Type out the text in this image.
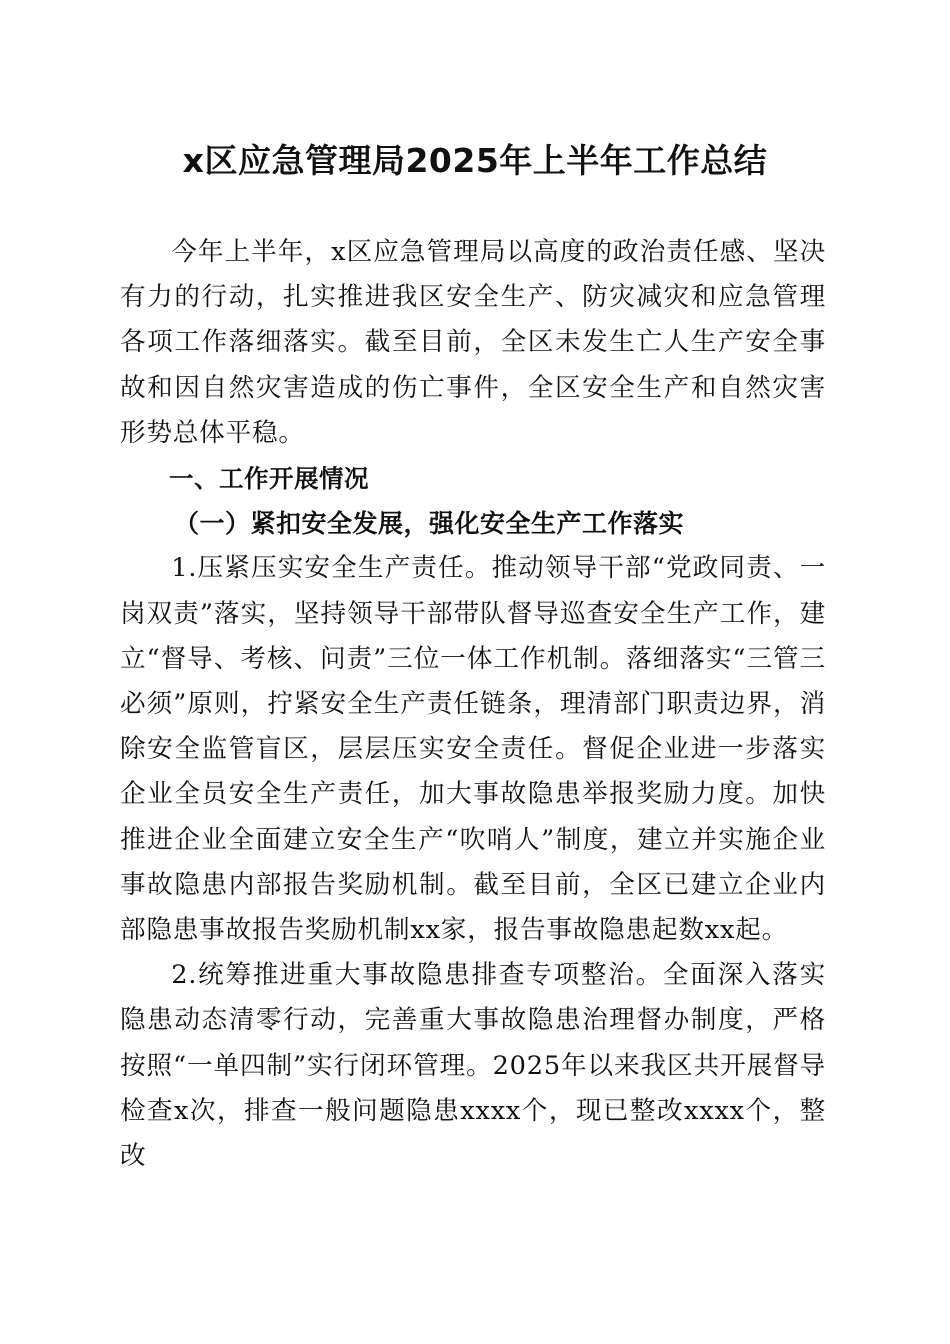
x区应急管理局2025年上半年工作总结

今年上半年，x区应急管理局以高度的政治责任感、坚决有力的行动，扎实推进我区安全生产、防灾减灾和应急管理各项工作落细落实。截至目前，全区未发生亡人生产安全事故和因自然灾害造成的伤亡事件，全区安全生产和自然灾害形势总体平稳。

一、工作开展情况

（一）紧扣安全发展，强化安全生产工作落实

1.压紧压实安全生产责任。推动领导干部“党政同责、一岗双责”落实，坚持领导干部带队督导巡查安全生产工作，建立“督导、考核、问责”三位一体工作机制。落细落实“三管三必须”原则，拧紧安全生产责任链条，理清部门职责边界，消除安全监管盲区，层层压实安全责任。督促企业进一步落实企业全员安全生产责任，加大事故隐患举报奖励力度。加快推进企业全面建立安全生产“吹哨人”制度，建立并实施企业事故隐患内部报告奖励机制。截至目前，全区已建立企业内部隐患事故报告奖励机制xx家，报告事故隐患起数xx起。

2.统筹推进重大事故隐患排查专项整治。全面深入落实隐患动态清零行动，完善重大事故隐患治理督办制度，严格按照“一单四制”实行闭环管理。2025年以来我区共开展督导检查x次，排查一般问题隐患xxxx个，现已整改xxxx个，整改
